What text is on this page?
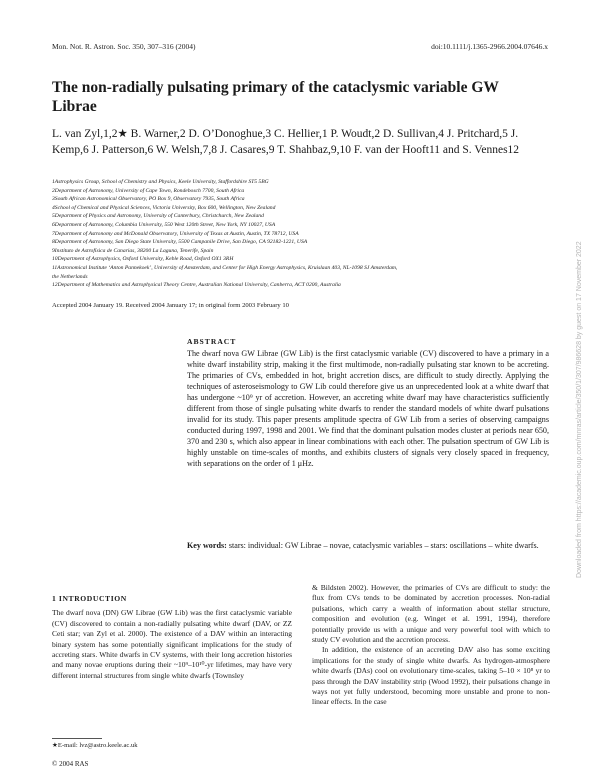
Mon. Not. R. Astron. Soc. 350, 307–316 (2004)	doi:10.1111/j.1365-2966.2004.07646.x
The non-radially pulsating primary of the cataclysmic variable GW Librae
L. van Zyl,1,2★ B. Warner,2 D. O’Donoghue,3 C. Hellier,1 P. Woudt,2 D. Sullivan,4 J. Pritchard,5 J. Kemp,6 J. Patterson,6 W. Welsh,7,8 J. Casares,9 T. Shahbaz,9,10 F. van der Hooft11 and S. Vennes12
1Astrophysics Group, School of Chemistry and Physics, Keele University, Staffordshire ST5 5BG
2Department of Astronomy, University of Cape Town, Rondebosch 7700, South Africa
3South African Astronomical Observatory, PO Box 9, Observatory 7935, South Africa
4School of Chemical and Physical Sciences, Victoria University, Box 600, Wellington, New Zealand
5Department of Physics and Astronomy, University of Canterbury, Christchurch, New Zealand
6Department of Astronomy, Columbia University, 550 West 120th Street, New York, NY 10027, USA
7Department of Astronomy and McDonald Observatory, University of Texas at Austin, Austin, TX 78712, USA
8Department of Astronomy, San Diego State University, 5500 Campanile Drive, San Diego, CA 92182-1221, USA
9Instituto de Astrofísica de Canarias, 38200 La Laguna, Tenerife, Spain
10Department of Astrophysics, Oxford University, Keble Road, Oxford OX1 3RH
11Astronomical Institute ‘Anton Pannekoek’, University of Amsterdam, and Center for High Energy Astrophysics, Kruislaan 403, NL-1098 SJ Amsterdam,
the Netherlands
12Department of Mathematics and Astrophysical Theory Centre, Australian National University, Canberra, ACT 0200, Australia
Accepted 2004 January 19. Received 2004 January 17; in original form 2003 February 10
ABSTRACT
The dwarf nova GW Librae (GW Lib) is the first cataclysmic variable (CV) discovered to have a primary in a white dwarf instability strip, making it the first multimode, non-radially pulsating star known to be accreting. The primaries of CVs, embedded in hot, bright accretion discs, are difficult to study directly. Applying the techniques of asteroseismology to GW Lib could therefore give us an unprecedented look at a white dwarf that has undergone ~10⁹ yr of accretion. However, an accreting white dwarf may have characteristics sufficiently different from those of single pulsating white dwarfs to render the standard models of white dwarf pulsations invalid for its study. This paper presents amplitude spectra of GW Lib from a series of observing campaigns conducted during 1997, 1998 and 2001. We find that the dominant pulsation modes cluster at periods near 650, 370 and 230 s, which also appear in linear combinations with each other. The pulsation spectrum of GW Lib is highly unstable on time-scales of months, and exhibits clusters of signals very closely spaced in frequency, with separations on the order of 1 μHz.
Key words: stars: individual: GW Librae – novae, cataclysmic variables – stars: oscillations – white dwarfs.
1 INTRODUCTION
The dwarf nova (DN) GW Librae (GW Lib) was the first cataclysmic variable (CV) discovered to contain a non-radially pulsating white dwarf (DAV, or ZZ Ceti star; van Zyl et al. 2000). The existence of a DAV within an interacting binary system has some potentially significant implications for the study of accreting stars. White dwarfs in CV systems, with their long accretion histories and many novae eruptions during their ~10⁹–10¹⁰-yr lifetimes, may have very different internal structures from single white dwarfs (Townsley

& Bildsten 2002). However, the primaries of CVs are difficult to study: the flux from CVs tends to be dominated by accretion processes. Non-radial pulsations, which carry a wealth of information about stellar structure, composition and evolution (e.g. Winget et al. 1991, 1994), therefore potentially provide us with a unique and very powerful tool with which to study CV evolution and the accretion process.

In addition, the existence of an accreting DAV also has some exciting implications for the study of single white dwarfs. As hydrogen-atmosphere white dwarfs (DAs) cool on evolutionary time-scales, taking 5–10 × 10⁸ yr to pass through the DAV instability strip (Wood 1992), their pulsations change in ways not yet fully understood, becoming more unstable and prone to non-linear effects. In the case

★E-mail: lvz@astro.keele.ac.uk
© 2004 RAS
Downloaded from https://academic.oup.com/mnras/article/350/1/307/986628 by guest on 17 November 2022
